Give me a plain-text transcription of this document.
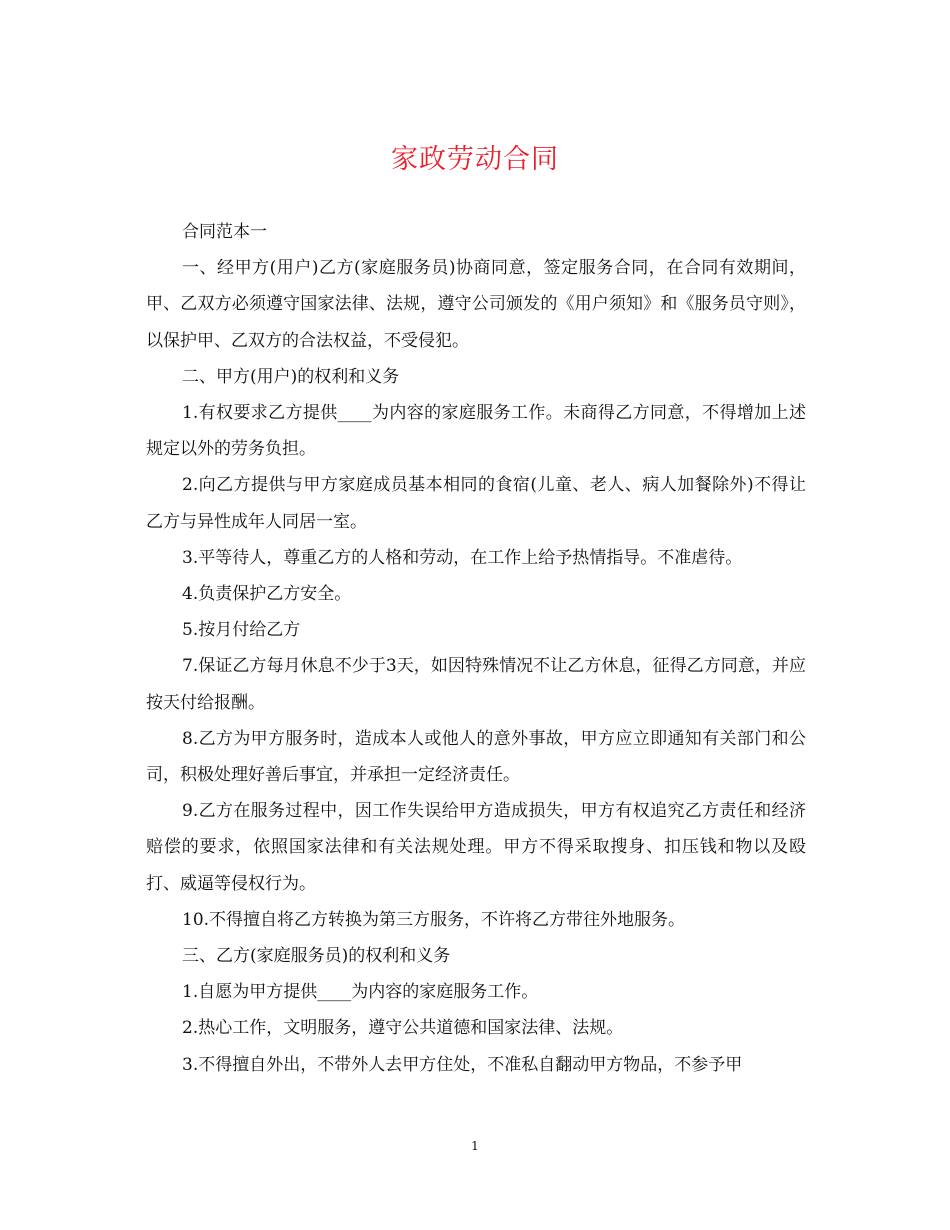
家政劳动合同

合同范本一

一、经甲方(用户)乙方(家庭服务员)协商同意，签定服务合同，在合同有效期间，甲、乙双方必须遵守国家法律、法规，遵守公司颁发的《用户须知》和《服务员守则》，以保护甲、乙双方的合法权益，不受侵犯。

二、甲方(用户)的权利和义务

1.有权要求乙方提供____为内容的家庭服务工作。未商得乙方同意，不得增加上述规定以外的劳务负担。

2.向乙方提供与甲方家庭成员基本相同的食宿(儿童、老人、病人加餐除外)不得让乙方与异性成年人同居一室。

3.平等待人，尊重乙方的人格和劳动，在工作上给予热情指导。不准虐待。

4.负责保护乙方安全。

5.按月付给乙方

7.保证乙方每月休息不少于3天，如因特殊情况不让乙方休息，征得乙方同意，并应按天付给报酬。

8.乙方为甲方服务时，造成本人或他人的意外事故，甲方应立即通知有关部门和公司，积极处理好善后事宜，并承担一定经济责任。

9.乙方在服务过程中，因工作失误给甲方造成损失，甲方有权追究乙方责任和经济赔偿的要求，依照国家法律和有关法规处理。甲方不得采取搜身、扣压钱和物以及殴打、威逼等侵权行为。

10.不得擅自将乙方转换为第三方服务，不许将乙方带往外地服务。

三、乙方(家庭服务员)的权利和义务

1.自愿为甲方提供____为内容的家庭服务工作。

2.热心工作，文明服务，遵守公共道德和国家法律、法规。

3.不得擅自外出，不带外人去甲方住处，不准私自翻动甲方物品，不参予甲

1
